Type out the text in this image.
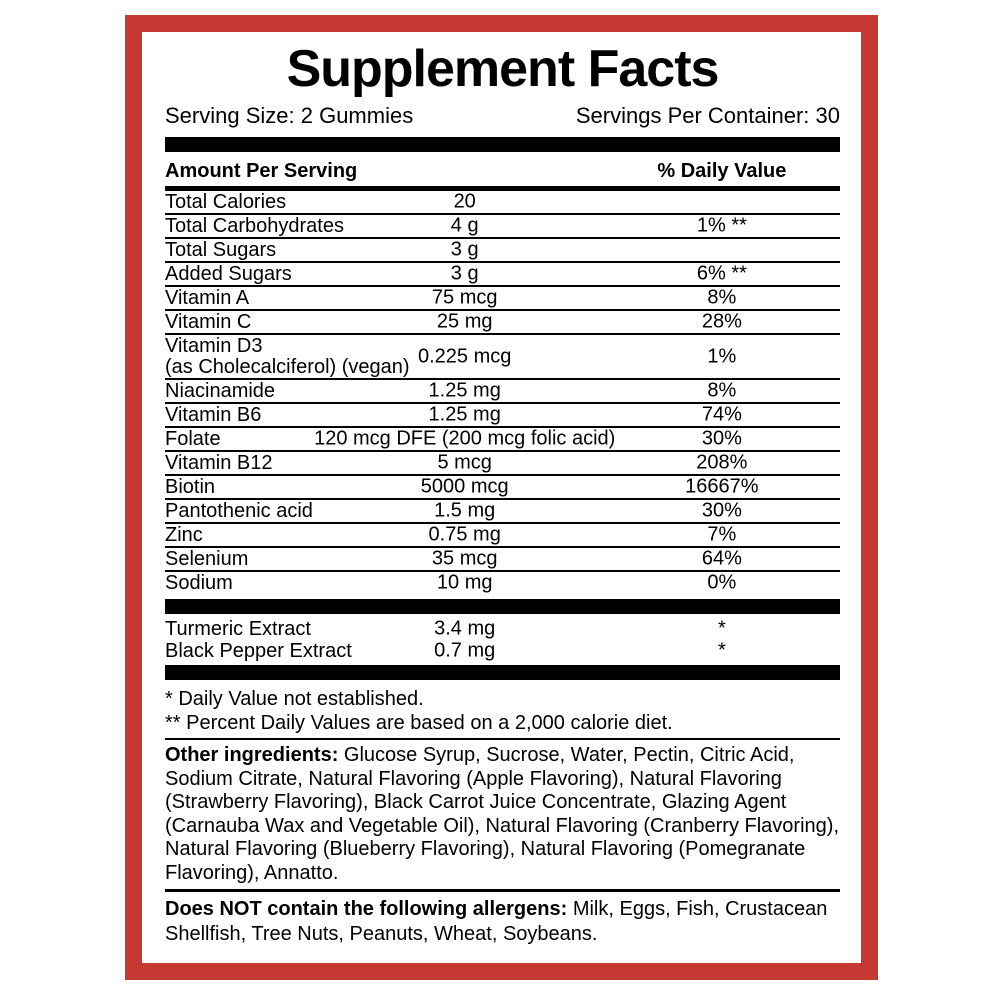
Supplement Facts
Serving Size: 2 Gummies	Servings Per Container: 30
Amount Per Serving	% Daily Value
Total Calories	20
Total Carbohydrates	4 g	1% **
Total Sugars	3 g
Added Sugars	3 g	6% **
Vitamin A	75 mcg	8%
Vitamin C	25 mg	28%
Vitamin D3
(as Cholecalciferol) (vegan) 0.225 mcg	1%
Niacinamide	1.25 mg	8%
Vitamin B6	1.25 mg	74%
Folate	120 mcg DFE (200 mcg folic acid)	30%
Vitamin B12	5 mcg	208%
Biotin	5000 mcg	16667%
Pantothenic acid	1.5 mg	30%
Zinc	0.75 mg	7%
Selenium	35 mcg	64%
Sodium	10 mg	0%
Turmeric Extract	3.4 mg	*
Black Pepper Extract	0.7 mg	*
* Daily Value not established.
** Percent Daily Values are based on a 2,000 calorie diet.

Other ingredients: Glucose Syrup, Sucrose, Water, Pectin, Citric Acid, Sodium Citrate, Natural Flavoring (Apple Flavoring), Natural Flavoring (Strawberry Flavoring), Black Carrot Juice Concentrate, Glazing Agent (Carnauba Wax and Vegetable Oil), Natural Flavoring (Cranberry Flavoring), Natural Flavoring (Blueberry Flavoring), Natural Flavoring (Pomegranate Flavoring), Annatto.

Does NOT contain the following allergens: Milk, Eggs, Fish, Crustacean Shellfish, Tree Nuts, Peanuts, Wheat, Soybeans.
